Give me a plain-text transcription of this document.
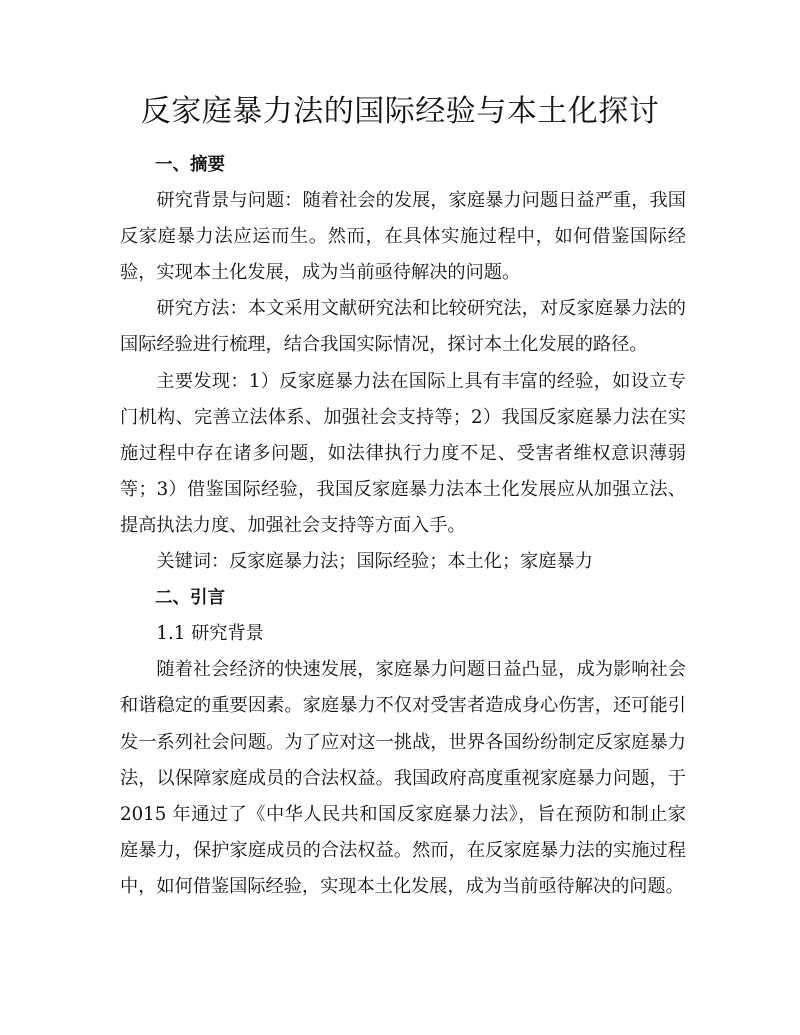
反家庭暴力法的国际经验与本土化探讨

一、摘要

研究背景与问题：随着社会的发展，家庭暴力问题日益严重，我国反家庭暴力法应运而生。然而，在具体实施过程中，如何借鉴国际经验，实现本土化发展，成为当前亟待解决的问题。

研究方法：本文采用文献研究法和比较研究法，对反家庭暴力法的国际经验进行梳理，结合我国实际情况，探讨本土化发展的路径。

主要发现：1）反家庭暴力法在国际上具有丰富的经验，如设立专门机构、完善立法体系、加强社会支持等；2）我国反家庭暴力法在实施过程中存在诸多问题，如法律执行力度不足、受害者维权意识薄弱等；3）借鉴国际经验，我国反家庭暴力法本土化发展应从加强立法、提高执法力度、加强社会支持等方面入手。

关键词：反家庭暴力法；国际经验；本土化；家庭暴力

二、引言

1.1 研究背景

随着社会经济的快速发展，家庭暴力问题日益凸显，成为影响社会和谐稳定的重要因素。家庭暴力不仅对受害者造成身心伤害，还可能引发一系列社会问题。为了应对这一挑战，世界各国纷纷制定反家庭暴力法，以保障家庭成员的合法权益。我国政府高度重视家庭暴力问题，于 2015 年通过了《中华人民共和国反家庭暴力法》，旨在预防和制止家庭暴力，保护家庭成员的合法权益。然而，在反家庭暴力法的实施过程中，如何借鉴国际经验，实现本土化发展，成为当前亟待解决的问题。
